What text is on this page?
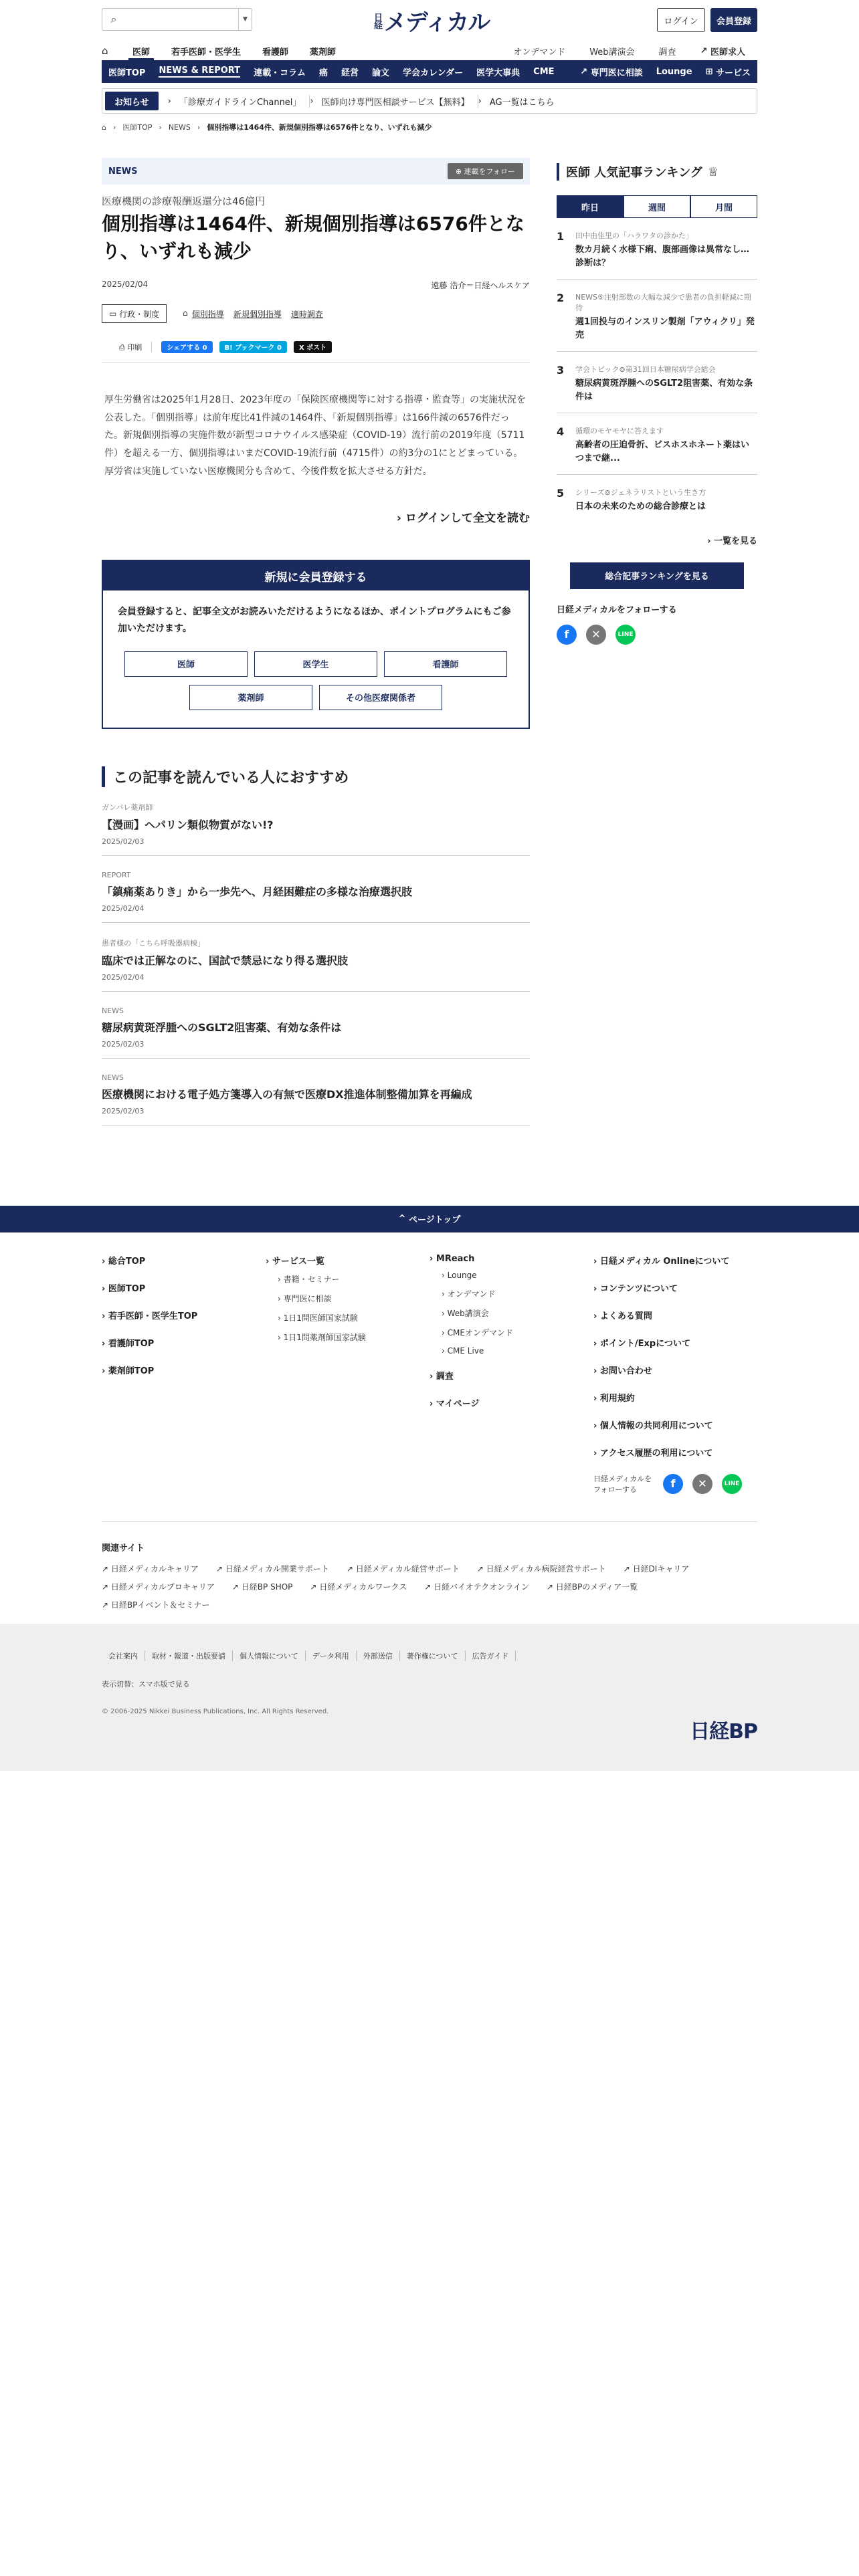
⌕	▼	日経 メディカル	ログイン	会員登録
⌂	医師	若手医師・医学生	看護師	薬剤師	オンデマンド	Web講演会	調査	↗ 医師求人
医師TOP NEWS & REPORT 連載・コラム 癌 経営 論文 学会カレンダー 医学大事典 CME	↗ 専門医に相談 Lounge ⊞ サービス
お知らせ	› 「診療ガイドラインChannel」	› 医師向け専門医相談サービス【無料】	› AG一覧はこちら
⌂ › 医師TOP › NEWS › 個別指導は1464件、新規個別指導は6576件となり、いずれも減少
NEWS	⊕ 連載をフォロー
医療機関の診療報酬返還分は46億円
個別指導は1464件、新規個別指導は6576件となり、いずれも減少
2025/02/04	遠藤 浩介＝日経ヘルスケア
▭ 行政・制度	⌂ 個別指導 新規個別指導 適時調査
⎙ 印刷	シェアする 0	B! ブックマーク 0	X ポスト

厚生労働省は2025年1月28日、2023年度の「保険医療機関等に対する指導・監査等」の実施状況を公表した。「個別指導」は前年度比41件減の1464件、「新規個別指導」は166件減の6576件だった。新規個別指導の実施件数が新型コロナウイルス感染症（COVID-19）流行前の2019年度（5711件）を超える一方、個別指導はいまだCOVID-19流行前（4715件）の約3分の1にとどまっている。厚労省は実施していない医療機関分も含めて、今後件数を拡大させる方針だ。

› ログインして全文を読む
新規に会員登録する

会員登録すると、記事全文がお読みいただけるようになるほか、ポイントプログラムにもご参加いただけます。

医師	医学生	看護師
薬剤師	その他医療関係者
この記事を読んでいる人におすすめ
ガンバレ薬剤師
【漫画】ヘパリン類似物質がない!?
2025/02/03
REPORT
「鎮痛薬ありき」から一歩先へ、月経困難症の多様な治療選択肢
2025/02/04
患者様の「こちら呼吸器病棟」
臨床では正解なのに、国試で禁忌になり得る選択肢
2025/02/04
NEWS
糖尿病黄斑浮腫へのSGLT2阻害薬、有効な条件は
2025/02/03
NEWS
医療機関における電子処方箋導入の有無で医療DX推進体制整備加算を再編成
2025/02/03
医師 人気記事ランキング ♕
昨日	週間	月間
1	田中由佳里の「ハラワタの診かた」
数カ月続く水様下痢、腹部画像は異常なし…診断は？
2	NEWS⑤注射部数の大幅な減少で患者の負担軽減に期待
週1回投与のインスリン製剤「アウィクリ」発売
3	学会トピック⊚第31回日本糖尿病学会総会
糖尿病黄斑浮腫へのSGLT2阻害薬、有効な条件は
4	循環のモヤモヤに答えます
高齢者の圧迫骨折、ビスホスホネート薬はいつまで継...
5	シリーズ⊚ジェネラリストという生き方
日本の未来のための総合診療とは
› 一覧を見る
総合記事ランキングを見る
日経メディカルをフォローする
f	✕	LINE
^ ページトップ
› 総合TOP
› 医師TOP
› 若手医師・医学生TOP
› 看護師TOP
› 薬剤師TOP
› サービス一覧
› 書籍・セミナー
› 専門医に相談
› 1日1問医師国家試験
› 1日1問薬剤師国家試験
› MReach
› Lounge
› オンデマンド
› Web講演会
› CMEオンデマンド
› CME Live
› 調査
› マイページ
› 日経メディカル Onlineについて
› コンテンツについて
› よくある質問
› ポイント/Expについて
› お問い合わせ
› 利用規約
› 個人情報の共同利用について
› アクセス履歴の利用について
日経メディカルをフォローする	f	✕	LINE
関連サイト
↗ 日経メディカルキャリア ↗ 日経メディカル開業サポート ↗ 日経メディカル経営サポート ↗ 日経メディカル病院経営サポート ↗ 日経DIキャリア
↗ 日経メディカルプロキャリア ↗ 日経BP SHOP ↗ 日経メディカルワークス ↗ 日経バイオテクオンライン ↗ 日経BPのメディア一覧
↗ 日経BPイベント＆セミナー
会社案内	取材・報道・出版要請	個人情報について	データ利用	外部送信	著作権について	広告ガイド
表示切替：スマホ版で見る
© 2006-2025 Nikkei Business Publications, Inc. All Rights Reserved.
日経BP
